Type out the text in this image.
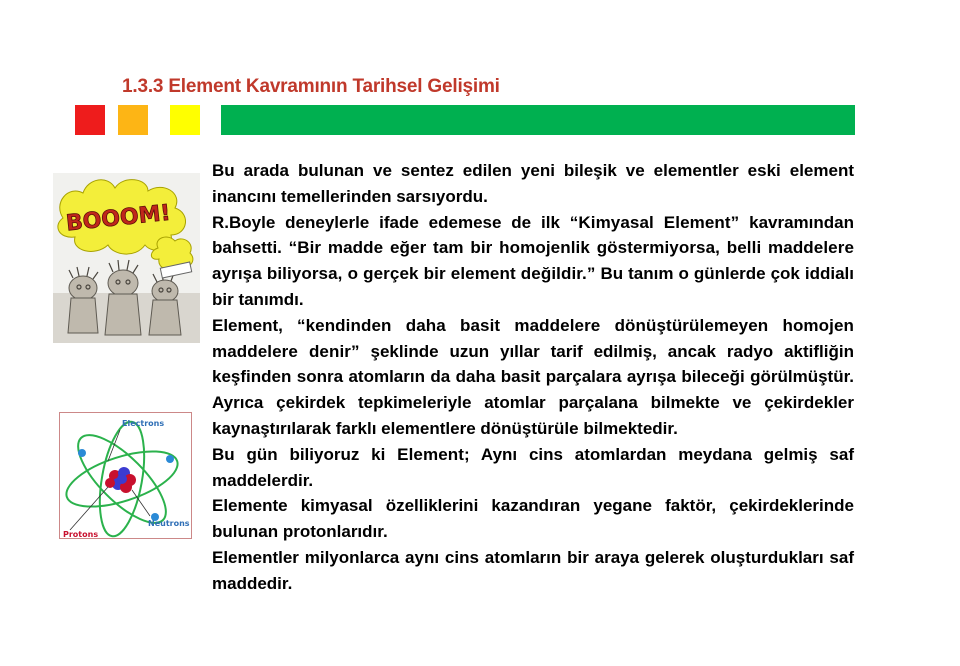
1.3.3 Element Kavramının Tarihsel Gelişimi
BOOOM!
Electrons
Neutrons
Protons

Bu arada bulunan ve sentez edilen yeni bileşik ve elementler eski element inancını temellerinden sarsıyordu.

R.Boyle deneylerle ifade edemese de ilk “Kimyasal Element” kavramından bahsetti. “Bir madde eğer tam bir homojenlik göstermiyorsa, belli maddelere ayrışa biliyorsa, o gerçek bir element değildir.” Bu tanım o günlerde çok iddialı bir tanımdı.

Element, “kendinden daha basit maddelere dönüştürülemeyen homojen maddelere denir” şeklinde uzun yıllar tarif edilmiş, ancak radyo aktifliğin keşfinden sonra atomların da daha basit parçalara ayrışa bileceği görülmüştür. Ayrıca çekirdek tepkimeleriyle atomlar parçalana bilmekte ve çekirdekler kaynaştırılarak farklı elementlere dönüştürüle bilmektedir.

Bu gün biliyoruz ki Element; Aynı cins atomlardan meydana gelmiş saf maddelerdir.

Elemente kimyasal özelliklerini kazandıran yegane faktör, çekirdeklerinde bulunan protonlarıdır.

Elementler milyonlarca aynı cins atomların bir araya gelerek oluşturdukları saf maddedir.
